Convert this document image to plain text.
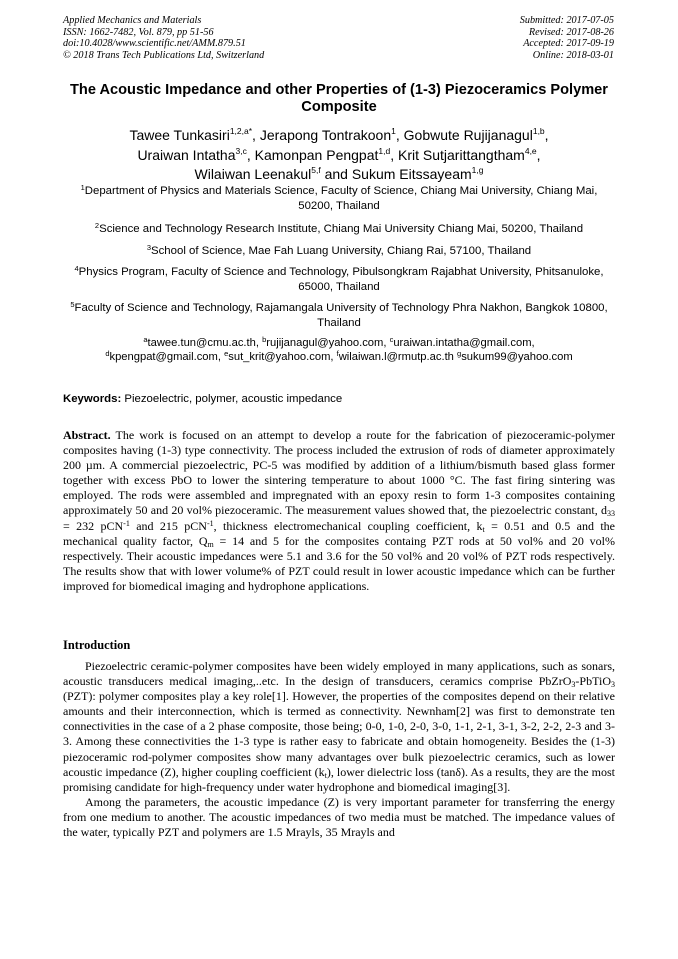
Applied Mechanics and Materials
ISSN: 1662-7482, Vol. 879, pp 51-56
doi:10.4028/www.scientific.net/AMM.879.51
© 2018 Trans Tech Publications Ltd, Switzerland
Submitted: 2017-07-05
Revised: 2017-08-26
Accepted: 2017-09-19
Online: 2018-03-01
The Acoustic Impedance and other Properties of (1-3) Piezoceramics Polymer Composite
Tawee Tunkasiri$^{1,2,a*}$, Jerapong Tontrakoon$^1$, Gobwute Rujijanagul$^{1,b}$,
Uraiwan Intatha$^{3,c}$, Kamonpan Pengpat$^{1,d}$, Krit Sutjarittangtham$^{4,e}$,
Wilaiwan Leenakul$^{5,f}$ and Sukum Eitssayeam$^{1,g}$
$^1$Department of Physics and Materials Science, Faculty of Science, Chiang Mai University, Chiang Mai, 50200, Thailand
$^2$Science and Technology Research Institute, Chiang Mai University Chiang Mai, 50200, Thailand
$^3$School of Science, Mae Fah Luang University, Chiang Rai, 57100, Thailand
$^4$Physics Program, Faculty of Science and Technology, Pibulsongkram Rajabhat University, Phitsanuloke, 65000, Thailand
$^5$Faculty of Science and Technology, Rajamangala University of Technology Phra Nakhon, Bangkok 10800, Thailand
$^a$tawee.tun@cmu.ac.th, $^b$rujijanagul@yahoo.com, $^c$uraiwan.intatha@gmail.com,
$^d$kpengpat@gmail.com, $^e$sut_krit@yahoo.com, $^f$wilaiwan.l@rmutp.ac.th $^g$sukum99@yahoo.com
Keywords: Piezoelectric, polymer, acoustic impedance
Abstract. The work is focused on an attempt to develop a route for the fabrication of piezoceramic-polymer composites having (1-3) type connectivity. The process included the extrusion of rods of diameter approximately 200 µm. A commercial piezoelectric, PC-5 was modified by addition of a lithium/bismuth based glass former together with excess PbO to lower the sintering temperature to about 1000 °C. The fast firing sintering was employed. The rods were assembled and impregnated with an epoxy resin to form 1-3 composites containing approximately 50 and 20 vol% piezoceramic. The measurement values showed that, the piezoelectric constant, $d_{33} = 232$ pCN$^{-1}$ and 215 pCN$^{-1}$, thickness electromechanical coupling coefficient, $k_t = 0.51$ and 0.5 and the mechanical quality factor, $Q_m = 14$ and 5 for the composites containg PZT rods at 50 vol% and 20 vol% respectively. Their acoustic impedances were 5.1 and 3.6 for the 50 vol% and 20 vol% of PZT rods respectively. The results show that with lower volume% of PZT could result in lower acoustic impedance which can be further improved for biomedical imaging and hydrophone applications.
Introduction

Piezoelectric ceramic-polymer composites have been widely employed in many applications, such as sonars, acoustic transducers medical imaging,..etc. In the design of transducers, ceramics comprise PbZrO$_3$-PbTiO$_3$ (PZT): polymer composites play a key role[1]. However, the properties of the composites depend on their relative amounts and their interconnection, which is termed as connectivity. Newnham[2] was first to demonstrate ten connectivities in the case of a 2 phase composite, those being; 0-0, 1-0, 2-0, 3-0, 1-1, 2-1, 3-1, 3-2, 2-2, 2-3 and 3-3. Among these connectivities the 1-3 type is rather easy to fabricate and obtain homogeneity. Besides the (1-3) piezoceramic rod-polymer composites show many advantages over bulk piezoelectric ceramics, such as lower acoustic impedance (Z), higher coupling coefficient $(k_t)$, lower dielectric loss (tanδ). As a results, they are the most promising candidate for high-frequency under water hydrophone and biomedical imaging[3].

Among the parameters, the acoustic impedance (Z) is very important parameter for transferring the energy from one medium to another. The acoustic impedances of two media must be matched. The impedance values of the water, typically PZT and polymers are 1.5 Mrayls, 35 Mrayls and
